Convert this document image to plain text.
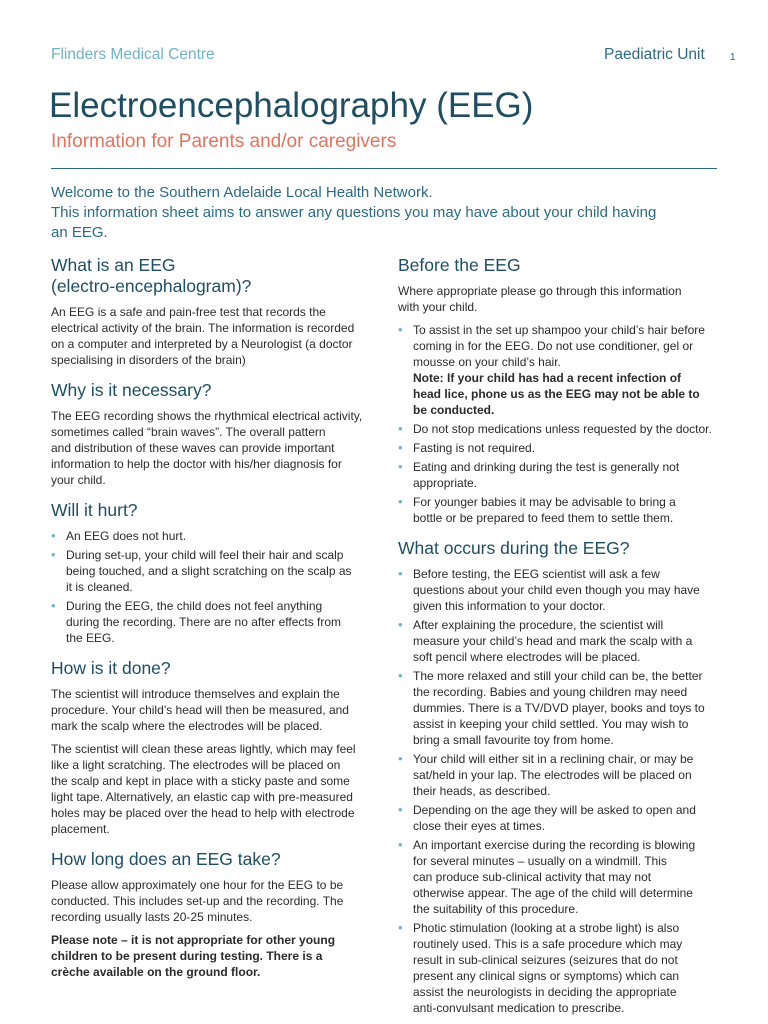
Flinders Medical Centre	Paediatric Unit	1
Electroencephalography (EEG)
Information for Parents and/or caregivers
Welcome to the Southern Adelaide Local Health Network.
This information sheet aims to answer any questions you may have about your child having
an EEG.
What is an EEG
(electro-encephalogram)?

An EEG is a safe and pain-free test that records the
electrical activity of the brain. The information is recorded
on a computer and interpreted by a Neurologist (a doctor
specialising in disorders of the brain)

Why is it necessary?

The EEG recording shows the rhythmical electrical activity,
sometimes called “brain waves”. The overall pattern
and distribution of these waves can provide important
information to help the doctor with his/her diagnosis for
your child.

Will it hurt?
• An EEG does not hurt.
• During set-up, your child will feel their hair and scalp
being touched, and a slight scratching on the scalp as
it is cleaned.
• During the EEG, the child does not feel anything
during the recording. There are no after effects from
the EEG.
How is it done?

The scientist will introduce themselves and explain the
procedure. Your child’s head will then be measured, and
mark the scalp where the electrodes will be placed.

The scientist will clean these areas lightly, which may feel
like a light scratching. The electrodes will be placed on
the scalp and kept in place with a sticky paste and some
light tape. Alternatively, an elastic cap with pre-measured
holes may be placed over the head to help with electrode
placement.

How long does an EEG take?

Please allow approximately one hour for the EEG to be
conducted. This includes set-up and the recording. The
recording usually lasts 20-25 minutes.

Please note – it is not appropriate for other young
children to be present during testing. There is a
crèche available on the ground floor.

Before the EEG

Where appropriate please go through this information
with your child.

• To assist in the set up shampoo your child’s hair before
coming in for the EEG. Do not use conditioner, gel or
mousse on your child’s hair.
Note: If your child has had a recent infection of
head lice, phone us as the EEG may not be able to
be conducted.
• Do not stop medications unless requested by the doctor.
• Fasting is not required.
• Eating and drinking during the test is generally not
appropriate.
• For younger babies it may be advisable to bring a
bottle or be prepared to feed them to settle them.
What occurs during the EEG?
• Before testing, the EEG scientist will ask a few
questions about your child even though you may have
given this information to your doctor.
• After explaining the procedure, the scientist will
measure your child’s head and mark the scalp with a
soft pencil where electrodes will be placed.
• The more relaxed and still your child can be, the better
the recording. Babies and young children may need
dummies. There is a TV/DVD player, books and toys to
assist in keeping your child settled. You may wish to
bring a small favourite toy from home.
• Your child will either sit in a reclining chair, or may be
sat/held in your lap. The electrodes will be placed on
their heads, as described.
• Depending on the age they will be asked to open and
close their eyes at times.
• An important exercise during the recording is blowing
for several minutes – usually on a windmill. This
can produce sub-clinical activity that may not
otherwise appear. The age of the child will determine
the suitability of this procedure.
• Photic stimulation (looking at a strobe light) is also
routinely used. This is a safe procedure which may
result in sub-clinical seizures (seizures that do not
present any clinical signs or symptoms) which can
assist the neurologists in deciding the appropriate
anti-convulsant medication to prescribe.
